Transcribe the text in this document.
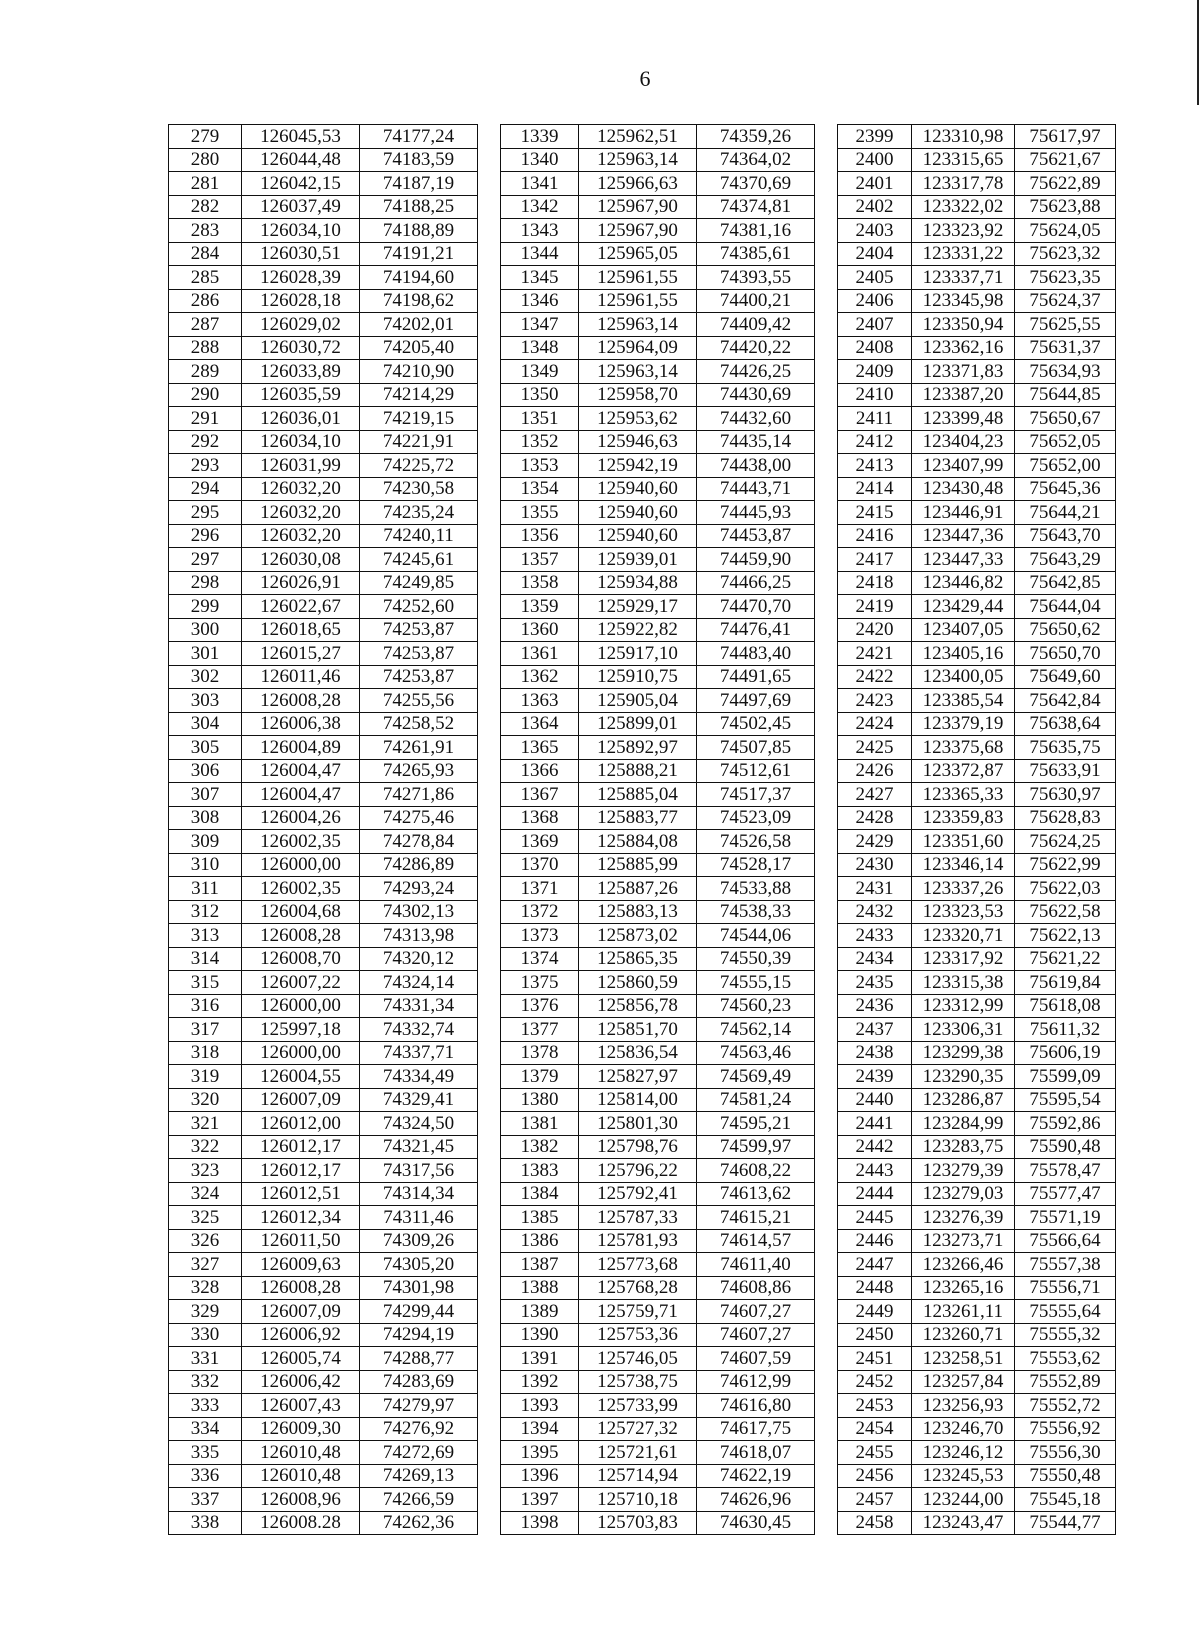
6
279	126045,53	74177,24		1339	125962,51	74359,26		2399	123310,98	75617,97
280	126044,48	74183,59		1340	125963,14	74364,02		2400	123315,65	75621,67
281	126042,15	74187,19		1341	125966,63	74370,69		2401	123317,78	75622,89
282	126037,49	74188,25		1342	125967,90	74374,81		2402	123322,02	75623,88
283	126034,10	74188,89		1343	125967,90	74381,16		2403	123323,92	75624,05
284	126030,51	74191,21		1344	125965,05	74385,61		2404	123331,22	75623,32
285	126028,39	74194,60		1345	125961,55	74393,55		2405	123337,71	75623,35
286	126028,18	74198,62		1346	125961,55	74400,21		2406	123345,98	75624,37
287	126029,02	74202,01		1347	125963,14	74409,42		2407	123350,94	75625,55
288	126030,72	74205,40		1348	125964,09	74420,22		2408	123362,16	75631,37
289	126033,89	74210,90		1349	125963,14	74426,25		2409	123371,83	75634,93
290	126035,59	74214,29		1350	125958,70	74430,69		2410	123387,20	75644,85
291	126036,01	74219,15		1351	125953,62	74432,60		2411	123399,48	75650,67
292	126034,10	74221,91		1352	125946,63	74435,14		2412	123404,23	75652,05
293	126031,99	74225,72		1353	125942,19	74438,00		2413	123407,99	75652,00
294	126032,20	74230,58		1354	125940,60	74443,71		2414	123430,48	75645,36
295	126032,20	74235,24		1355	125940,60	74445,93		2415	123446,91	75644,21
296	126032,20	74240,11		1356	125940,60	74453,87		2416	123447,36	75643,70
297	126030,08	74245,61		1357	125939,01	74459,90		2417	123447,33	75643,29
298	126026,91	74249,85		1358	125934,88	74466,25		2418	123446,82	75642,85
299	126022,67	74252,60		1359	125929,17	74470,70		2419	123429,44	75644,04
300	126018,65	74253,87		1360	125922,82	74476,41		2420	123407,05	75650,62
301	126015,27	74253,87		1361	125917,10	74483,40		2421	123405,16	75650,70
302	126011,46	74253,87		1362	125910,75	74491,65		2422	123400,05	75649,60
303	126008,28	74255,56		1363	125905,04	74497,69		2423	123385,54	75642,84
304	126006,38	74258,52		1364	125899,01	74502,45		2424	123379,19	75638,64
305	126004,89	74261,91		1365	125892,97	74507,85		2425	123375,68	75635,75
306	126004,47	74265,93		1366	125888,21	74512,61		2426	123372,87	75633,91
307	126004,47	74271,86		1367	125885,04	74517,37		2427	123365,33	75630,97
308	126004,26	74275,46		1368	125883,77	74523,09		2428	123359,83	75628,83
309	126002,35	74278,84		1369	125884,08	74526,58		2429	123351,60	75624,25
310	126000,00	74286,89		1370	125885,99	74528,17		2430	123346,14	75622,99
311	126002,35	74293,24		1371	125887,26	74533,88		2431	123337,26	75622,03
312	126004,68	74302,13		1372	125883,13	74538,33		2432	123323,53	75622,58
313	126008,28	74313,98		1373	125873,02	74544,06		2433	123320,71	75622,13
314	126008,70	74320,12		1374	125865,35	74550,39		2434	123317,92	75621,22
315	126007,22	74324,14		1375	125860,59	74555,15		2435	123315,38	75619,84
316	126000,00	74331,34		1376	125856,78	74560,23		2436	123312,99	75618,08
317	125997,18	74332,74		1377	125851,70	74562,14		2437	123306,31	75611,32
318	126000,00	74337,71		1378	125836,54	74563,46		2438	123299,38	75606,19
319	126004,55	74334,49		1379	125827,97	74569,49		2439	123290,35	75599,09
320	126007,09	74329,41		1380	125814,00	74581,24		2440	123286,87	75595,54
321	126012,00	74324,50		1381	125801,30	74595,21		2441	123284,99	75592,86
322	126012,17	74321,45		1382	125798,76	74599,97		2442	123283,75	75590,48
323	126012,17	74317,56		1383	125796,22	74608,22		2443	123279,39	75578,47
324	126012,51	74314,34		1384	125792,41	74613,62		2444	123279,03	75577,47
325	126012,34	74311,46		1385	125787,33	74615,21		2445	123276,39	75571,19
326	126011,50	74309,26		1386	125781,93	74614,57		2446	123273,71	75566,64
327	126009,63	74305,20		1387	125773,68	74611,40		2447	123266,46	75557,38
328	126008,28	74301,98		1388	125768,28	74608,86		2448	123265,16	75556,71
329	126007,09	74299,44		1389	125759,71	74607,27		2449	123261,11	75555,64
330	126006,92	74294,19		1390	125753,36	74607,27		2450	123260,71	75555,32
331	126005,74	74288,77		1391	125746,05	74607,59		2451	123258,51	75553,62
332	126006,42	74283,69		1392	125738,75	74612,99		2452	123257,84	75552,89
333	126007,43	74279,97		1393	125733,99	74616,80		2453	123256,93	75552,72
334	126009,30	74276,92		1394	125727,32	74617,75		2454	123246,70	75556,92
335	126010,48	74272,69		1395	125721,61	74618,07		2455	123246,12	75556,30
336	126010,48	74269,13		1396	125714,94	74622,19		2456	123245,53	75550,48
337	126008,96	74266,59		1397	125710,18	74626,96		2457	123244,00	75545,18
338	126008.28	74262,36		1398	125703,83	74630,45		2458	123243,47	75544,77
